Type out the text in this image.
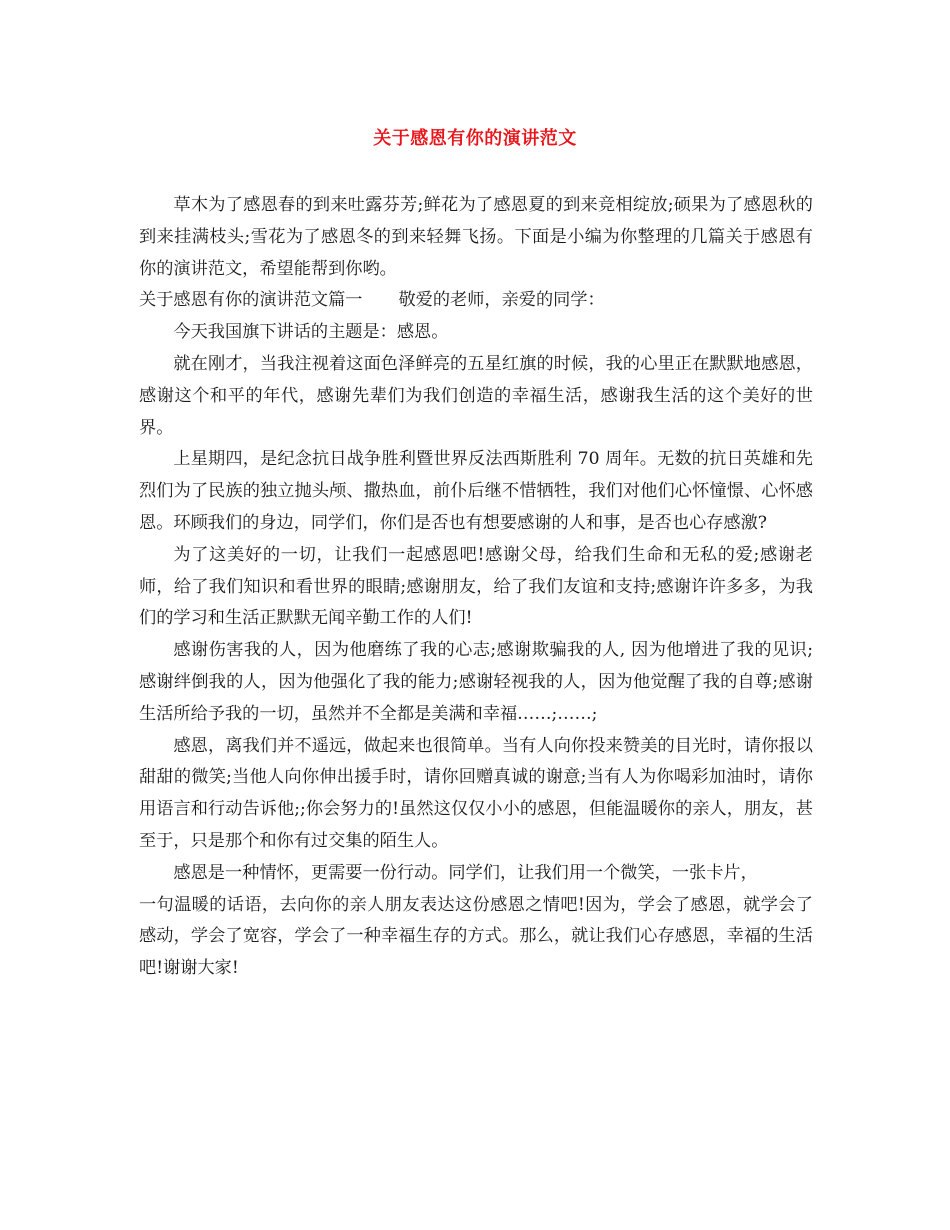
关于感恩有你的演讲范文

草木为了感恩春的到来吐露芬芳;鲜花为了感恩夏的到来竞相绽放;硕果为了感恩秋的到来挂满枝头;雪花为了感恩冬的到来轻舞飞扬。下面是小编为你整理的几篇关于感恩有你的演讲范文，希望能帮到你哟。

关于感恩有你的演讲范文篇一 敬爱的老师，亲爱的同学：

今天我国旗下讲话的主题是：感恩。

就在刚才，当我注视着这面色泽鲜亮的五星红旗的时候，我的心里正在默默地感恩，感谢这个和平的年代，感谢先辈们为我们创造的幸福生活，感谢我生活的这个美好的世界。

上星期四，是纪念抗日战争胜利暨世界反法西斯胜利 70 周年。无数的抗日英雄和先烈们为了民族的独立抛头颅、撒热血，前仆后继不惜牺牲，我们对他们心怀憧憬、心怀感恩。环顾我们的身边，同学们，你们是否也有想要感谢的人和事，是否也心存感激?

为了这美好的一切，让我们一起感恩吧!感谢父母，给我们生命和无私的爱;感谢老师，给了我们知识和看世界的眼睛;感谢朋友，给了我们友谊和支持;感谢许许多多，为我们的学习和生活正默默无闻辛勤工作的人们!

感谢伤害我的人，因为他磨练了我的心志;感谢欺骗我的人, 因为他增进了我的见识;感谢绊倒我的人，因为他强化了我的能力;感谢轻视我的人，因为他觉醒了我的自尊;感谢生活所给予我的一切，虽然并不全都是美满和幸福……;……;

感恩，离我们并不遥远，做起来也很简单。当有人向你投来赞美的目光时，请你报以甜甜的微笑;当他人向你伸出援手时，请你回赠真诚的谢意;当有人为你喝彩加油时，请你用语言和行动告诉他;;你会努力的!虽然这仅仅小小的感恩，但能温暖你的亲人，朋友，甚至于，只是那个和你有过交集的陌生人。

感恩是一种情怀，更需要一份行动。同学们，让我们用一个微笑，一张卡片，

一句温暖的话语，去向你的亲人朋友表达这份感恩之情吧!因为，学会了感恩，就学会了感动，学会了宽容，学会了一种幸福生存的方式。那么，就让我们心存感恩，幸福的生活吧!谢谢大家!
